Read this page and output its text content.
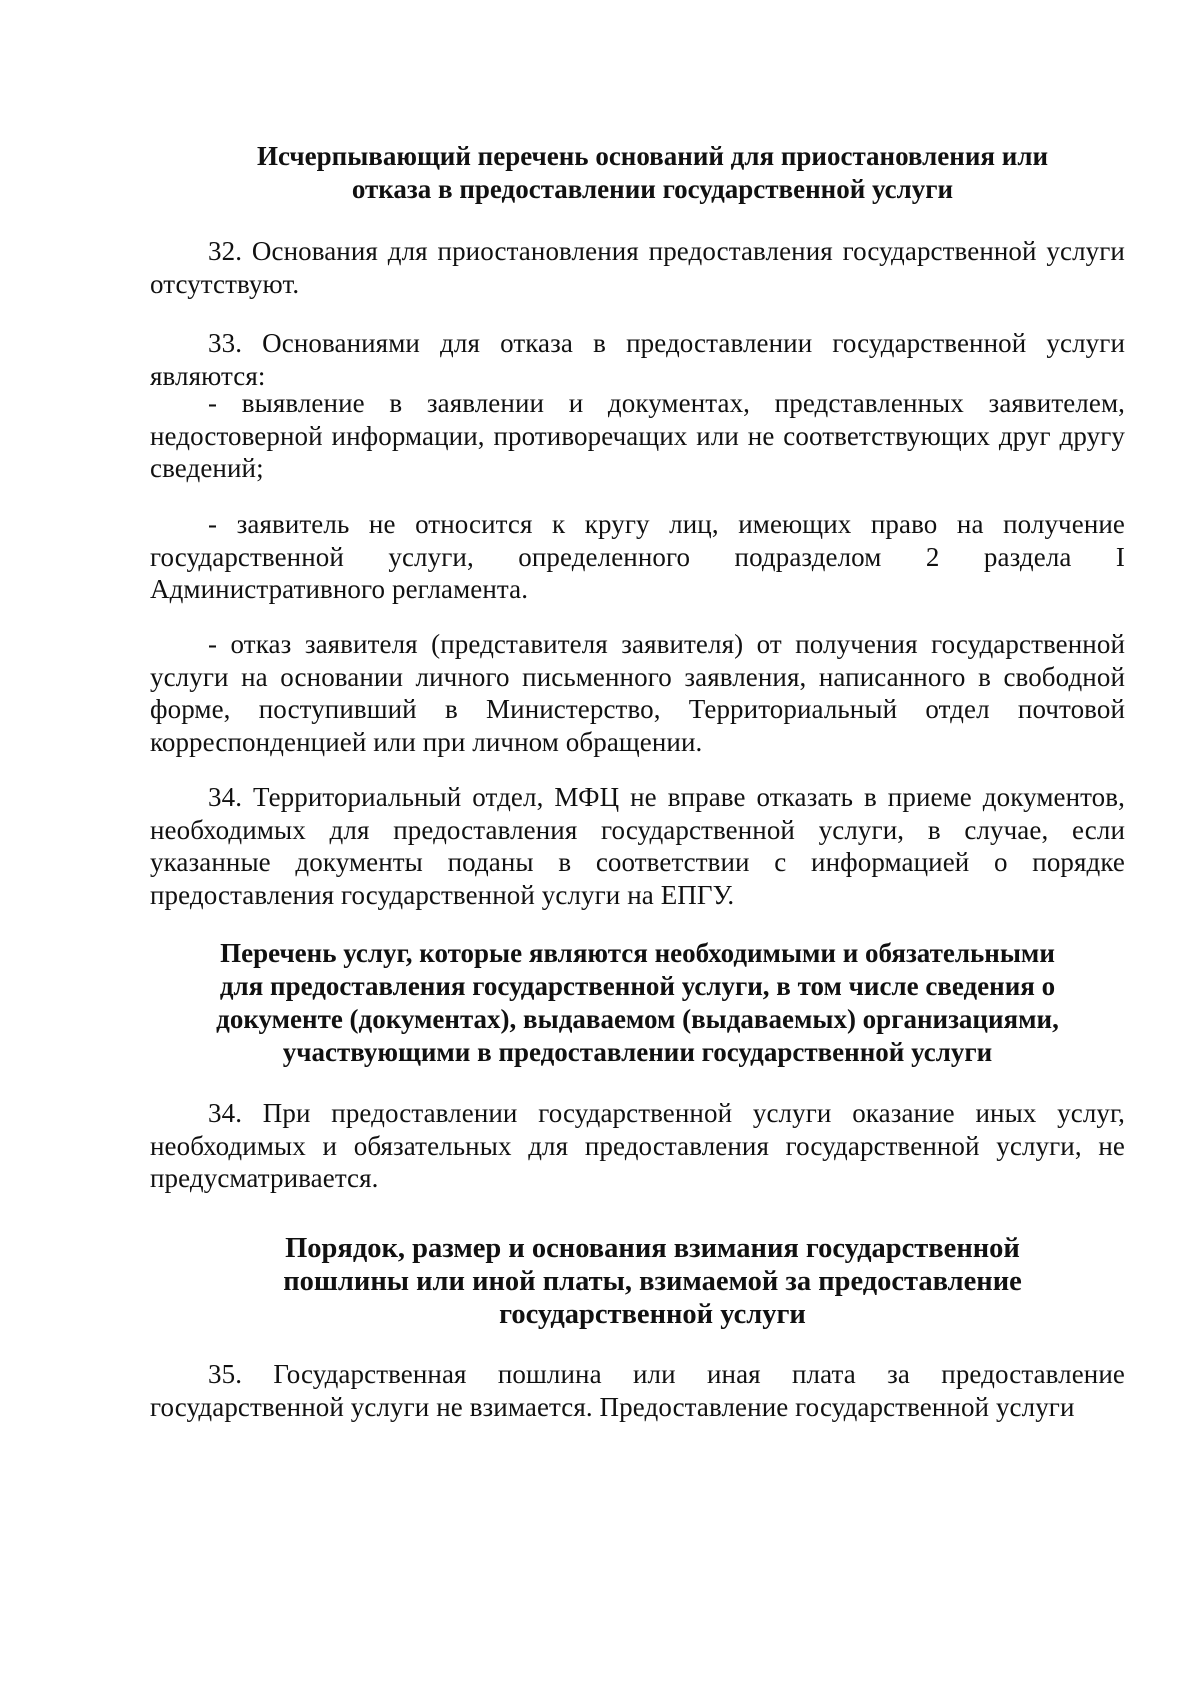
Исчерпывающий перечень оснований для приостановления или
отказа в предоставлении государственной услуги

32. Основания для приостановления предоставления государственной услуги отсутствуют.

33. Основаниями для отказа в предоставлении государственной услуги являются:

- выявление в заявлении и документах, представленных заявителем, недостоверной информации, противоречащих или не соответствующих друг другу сведений;

- заявитель не относится к кругу лиц, имеющих право на получение государственной услуги, определенного подразделом 2 раздела I Административного регламента.

- отказ заявителя (представителя заявителя) от получения государственной услуги на основании личного письменного заявления, написанного в свободной форме, поступивший в Министерство, Территориальный отдел почтовой корреспонденцией или при личном обращении.

34. Территориальный отдел, МФЦ не вправе отказать в приеме документов, необходимых для предоставления государственной услуги, в случае, если указанные документы поданы в соответствии с информацией о порядке предоставления государственной услуги на ЕПГУ.

Перечень услуг, которые являются необходимыми и обязательными
для предоставления государственной услуги, в том числе сведения о
документе (документах), выдаваемом (выдаваемых) организациями,
участвующими в предоставлении государственной услуги

34. При предоставлении государственной услуги оказание иных услуг, необходимых и обязательных для предоставления государственной услуги, не предусматривается.

Порядок, размер и основания взимания государственной
пошлины или иной платы, взимаемой за предоставление
государственной услуги

35. Государственная пошлина или иная плата за предоставление государственной услуги не взимается. Предоставление государственной услуги
